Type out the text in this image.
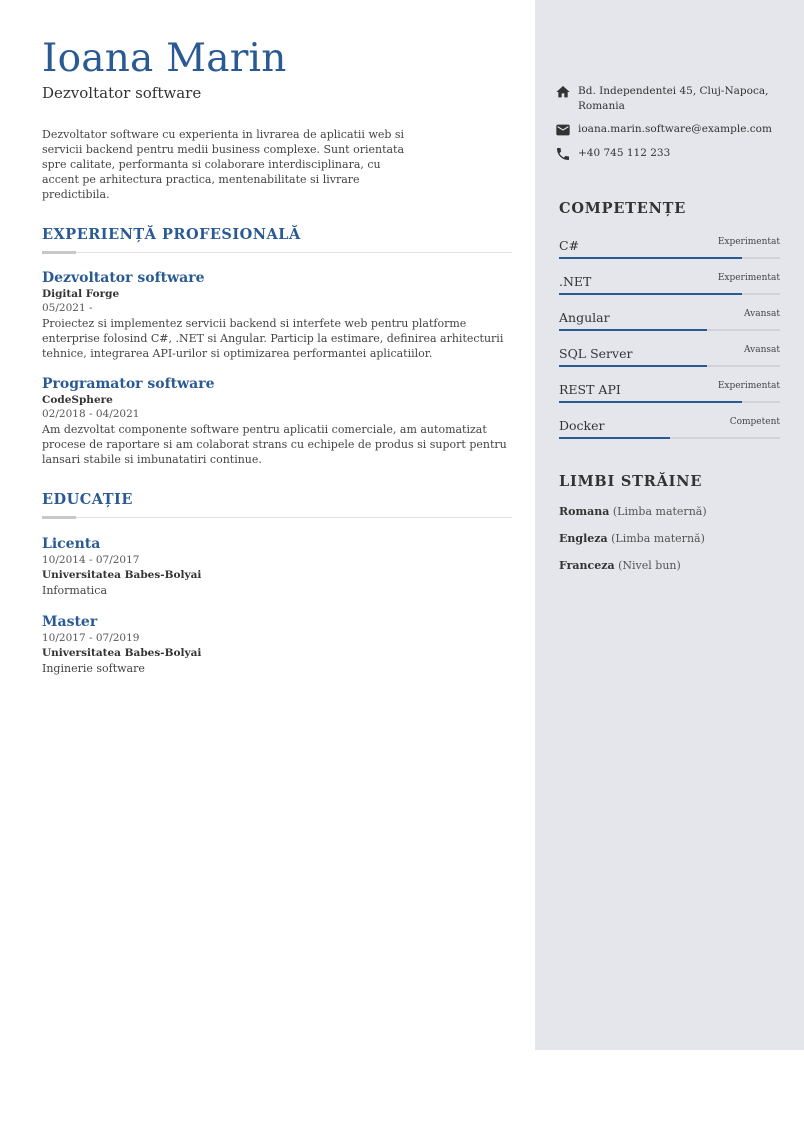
Ioana Marin
Dezvoltator software
Dezvoltator software cu experienta in livrarea de aplicatii web si servicii backend pentru medii business complexe. Sunt orientata spre calitate, performanta si colaborare interdisciplinara, cu accent pe arhitectura practica, mentenabilitate si livrare predictibila.
EXPERIENȚĂ PROFESIONALĂ
Dezvoltator software
Digital Forge
05/2021 -
Proiectez si implementez servicii backend si interfete web pentru platforme enterprise folosind C#, .NET si Angular. Particip la estimare, definirea arhitecturii tehnice, integrarea API-urilor si optimizarea performantei aplicatiilor.
Programator software
CodeSphere
02/2018 - 04/2021
Am dezvoltat componente software pentru aplicatii comerciale, am automatizat procese de raportare si am colaborat strans cu echipele de produs si suport pentru lansari stabile si imbunatatiri continue.
EDUCAȚIE
Licenta
10/2014 - 07/2017
Universitatea Babes-Bolyai
Informatica
Master
10/2017 - 07/2019
Universitatea Babes-Bolyai
Inginerie software
Bd. Independentei 45, Cluj-Napoca, Romania
ioana.marin.software@example.com
+40 745 112 233
COMPETENȚE
C#	Experimentat
.NET	Experimentat
Angular	Avansat
SQL Server	Avansat
REST API	Experimentat
Docker	Competent
LIMBI STRĂINE
Romana (Limba maternă)
Engleza (Limba maternă)
Franceza (Nivel bun)
